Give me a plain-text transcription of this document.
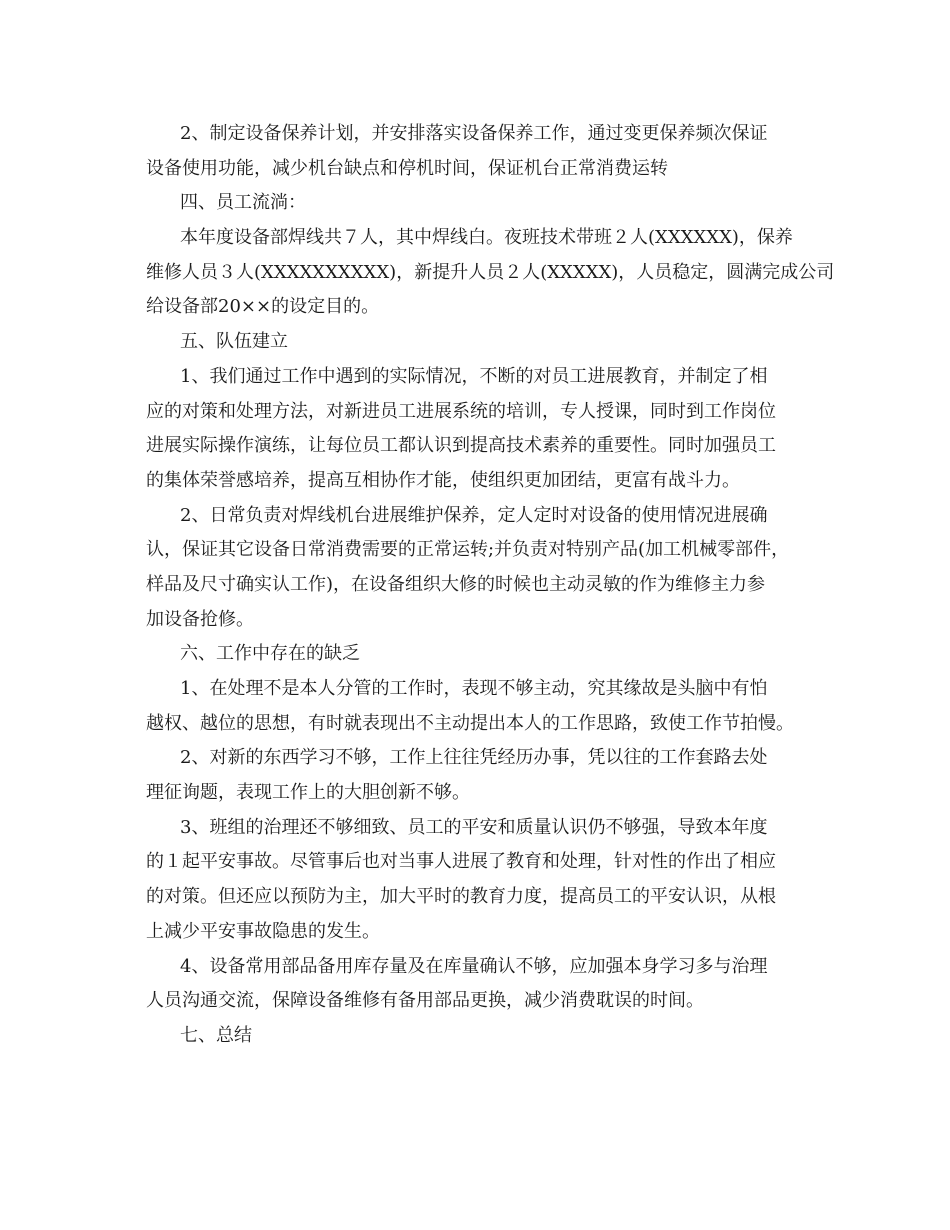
2、制定设备保养计划，并安排落实设备保养工作，通过变更保养频次保证
设备使用功能，减少机台缺点和停机时间，保证机台正常消费运转
四、员工流淌：
本年度设备部焊线共７人，其中焊线白。夜班技术带班２人(XXXXXX)，保养
维修人员３人(XXXXXXXXXX)，新提升人员２人(XXXXX)，人员稳定，圆满完成公司
给设备部20××的设定目的。
五、队伍建立
1、我们通过工作中遇到的实际情况，不断的对员工进展教育，并制定了相
应的对策和处理方法，对新进员工进展系统的培训，专人授课，同时到工作岗位
进展实际操作演练，让每位员工都认识到提高技术素养的重要性。同时加强员工
的集体荣誉感培养，提高互相协作才能，使组织更加团结，更富有战斗力。
2、日常负责对焊线机台进展维护保养，定人定时对设备的使用情况进展确
认，保证其它设备日常消费需要的正常运转;并负责对特别产品(加工机械零部件，
样品及尺寸确实认工作)，在设备组织大修的时候也主动灵敏的作为维修主力参
加设备抢修。
六、工作中存在的缺乏
1、在处理不是本人分管的工作时，表现不够主动，究其缘故是头脑中有怕
越权、越位的思想，有时就表现出不主动提出本人的工作思路，致使工作节拍慢。
2、对新的东西学习不够，工作上往往凭经历办事，凭以往的工作套路去处
理征询题，表现工作上的大胆创新不够。
3、班组的治理还不够细致、员工的平安和质量认识仍不够强，导致本年度
的１起平安事故。尽管事后也对当事人进展了教育和处理，针对性的作出了相应
的对策。但还应以预防为主，加大平时的教育力度，提高员工的平安认识，从根
上减少平安事故隐患的发生。
4、设备常用部品备用库存量及在库量确认不够，应加强本身学习多与治理
人员沟通交流，保障设备维修有备用部品更换，减少消费耽误的时间。
七、总结
